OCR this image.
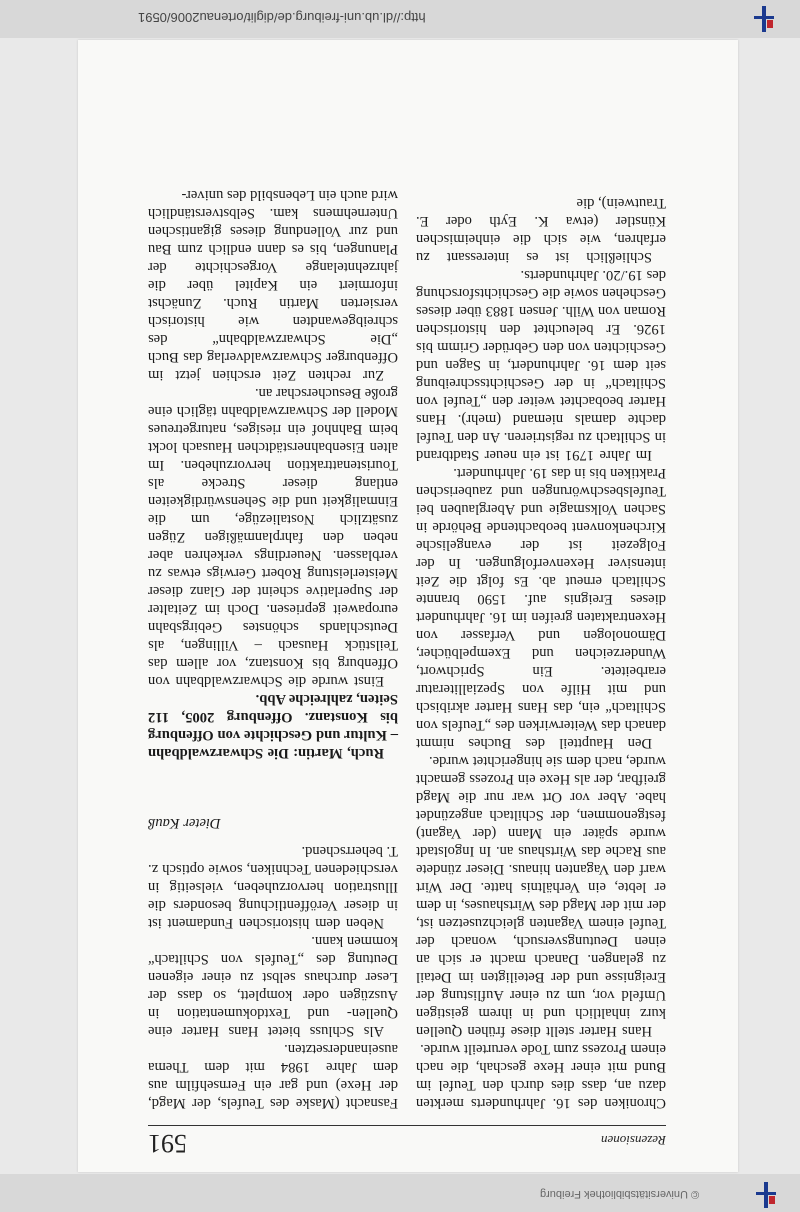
http://dl.ub.uni-freiburg.de/diglit/ortenau2006/0591
Rezensionen
591

Chroniken des 16. Jahrhunderts merkten dazu an, dass dies durch den Teufel im Bund mit einer Hexe geschah, die nach einem Prozess zum Tode verurteilt wurde.

Hans Harter stellt diese frühen Quellen kurz inhaltlich und in ihrem geistigen Umfeld vor, um zu einer Auflistung der Ereignisse und der Beteiligten im Detail zu gelangen. Danach macht er sich an einen Deutungsversuch, wonach der Teufel einem Vaganten gleichzusetzen ist, der mit der Magd des Wirtshauses, in dem er lebte, ein Verhältnis hatte. Der Wirt warf den Vaganten hinaus. Dieser zündete aus Rache das Wirtshaus an. In Ingolstadt wurde später ein Mann (der Vagant) festgenommen, der Schiltach angezündet habe. Aber vor Ort war nur die Magd greifbar, der als Hexe ein Prozess gemacht wurde, nach dem sie hingerichtet wurde.

Den Hauptteil des Buches nimmt danach das Weiterwirken des „Teufels von Schiltach“ ein, das Hans Harter akribisch und mit Hilfe von Spezialliteratur erarbeitete. Ein Sprichwort, Wunderzeichen und Exempelbücher, Dämonologen und Verfasser von Hexentraktaten greifen im 16. Jahrhundert dieses Ereignis auf. 1590 brannte Schiltach erneut ab. Es folgt die Zeit intensiver Hexenverfolgungen. In der Folgezeit ist der evangelische Kirchenkonvent beobachtende Behörde in Sachen Volksmagie und Aberglauben bei Teufelsbeschwörungen und zauberischen Praktiken bis in das 19. Jahrhundert.

Im Jahre 1791 ist ein neuer Stadtbrand in Schiltach zu registrieren. An den Teufel dachte damals niemand (mehr). Hans Harter beobachtet weiter den „Teufel von Schiltach“ in der Geschichtsschreibung seit dem 16. Jahrhundert, in Sagen und Geschichten von den Gebrüder Grimm bis 1926. Er beleuchtet den historischen Roman von Wilh. Jensen 1883 über dieses Geschehen sowie die Geschichtsforschung des 19./20. Jahrhunderts.

Schließlich ist es interessant zu erfahren, wie sich die einheimischen Künstler (etwa K. Eyth oder E. Trautwein), die

Fasnacht (Maske des Teufels, der Magd, der Hexe) und gar ein Fernsehfilm aus dem Jahre 1984 mit dem Thema auseinandersetzten.

Als Schluss bietet Hans Harter eine Quellen- und Textdokumentation in Auszügen oder komplett, so dass der Leser durchaus selbst zu einer eigenen Deutung des „Teufels von Schiltach“ kommen kann.

Neben dem historischen Fundament ist in dieser Veröffentlichung besonders die Illustration hervorzuheben, vielseitig in verschiedenen Techniken, sowie optisch z. T. beherrschend.

Dieter Kauß

Ruch, Martin: Die Schwarzwaldbahn – Kultur und Geschichte von Offenburg bis Konstanz. Offenburg 2005, 112 Seiten, zahlreiche Abb.

Einst wurde die Schwarzwaldbahn von Offenburg bis Konstanz, vor allem das Teilstück Hausach – Villingen, als Deutschlands schönstes Gebirgsbahn europaweit gepriesen. Doch im Zeitalter der Superlative scheint der Glanz dieser Meisterleistung Robert Gerwigs etwas zu verblassen. Neuerdings verkehren aber neben den fahrplanmäßigen Zügen zusätzlich Nostaliezüge, um die Einmaligkeit und die Sehenswürdigkeiten entlang dieser Strecke als Touristenattraktion hervorzuheben. Im alten Eisenbahnerstädtchen Hausach lockt beim Bahnhof ein riesiges, naturgetreues Modell der Schwarzwaldbahn täglich eine große Besucherschar an.

Zur rechten Zeit erschien jetzt im Offenburger Schwarzwaldverlag das Buch „Die Schwarzwaldbahn“ des schreibgewandten wie historisch versierten Martin Ruch. Zunächst informiert ein Kapitel über die jahrzehntelange Vorgeschichte der Planungen, bis es dann endlich zum Bau und zur Vollendung dieses gigantischen Unternehmens kam. Selbstverständlich wird auch ein Lebensbild des univer-

© Universitätsbibliothek Freiburg
